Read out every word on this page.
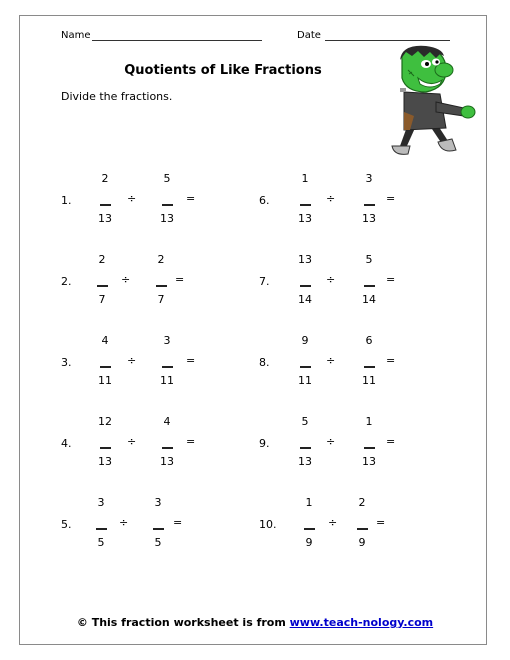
Name	Date
Quotients of Like Fractions
Divide the fractions.
1.
2
13
÷
5
13
=
2.
2
7
÷
2
7
=
3.
4
11
÷
3
11
=
4.
12
13
÷
4
13
=
5.
3
5
÷
3
5
=
6.
1
13
÷
3
13
=
7.
13
14
÷
5
14
=
8.
9
11
÷
6
11
=
9.
5
13
÷
1
13
=
10.
1
9
÷
2
9
=
© This fraction worksheet is from www.teach-nology.com
